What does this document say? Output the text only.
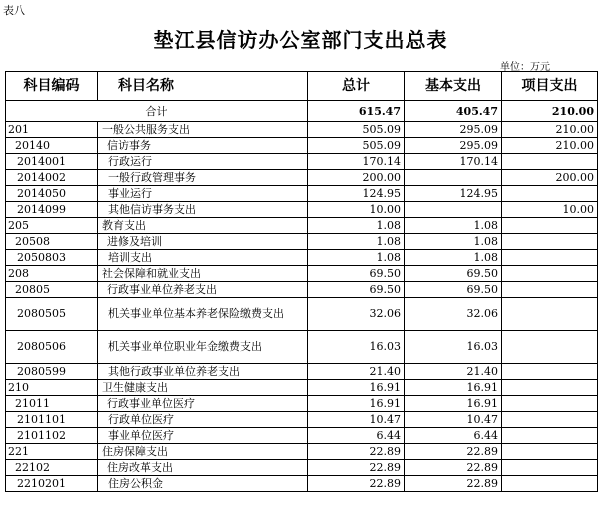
表八
垫江县信访办公室部门支出总表
单位：万元
科目编码	科目名称	总计	基本支出	项目支出
合计		615.47	405.47	210.00
201	一般公共服务支出	505.09	295.09	210.00
20140	信访事务	505.09	295.09	210.00
2014001	行政运行	170.14	170.14	
2014002	一般行政管理事务	200.00		200.00
2014050	事业运行	124.95	124.95	
2014099	其他信访事务支出	10.00		10.00
205	教育支出	1.08	1.08	
20508	进修及培训	1.08	1.08	
2050803	培训支出	1.08	1.08	
208	社会保障和就业支出	69.50	69.50	
20805	行政事业单位养老支出	69.50	69.50	
2080505	机关事业单位基本养老保险缴费支出	32.06	32.06	
2080506	机关事业单位职业年金缴费支出	16.03	16.03	
2080599	其他行政事业单位养老支出	21.40	21.40	
210	卫生健康支出	16.91	16.91	
21011	行政事业单位医疗	16.91	16.91	
2101101	行政单位医疗	10.47	10.47	
2101102	事业单位医疗	6.44	6.44	
221	住房保障支出	22.89	22.89	
22102	住房改革支出	22.89	22.89	
2210201	住房公积金	22.89	22.89	
